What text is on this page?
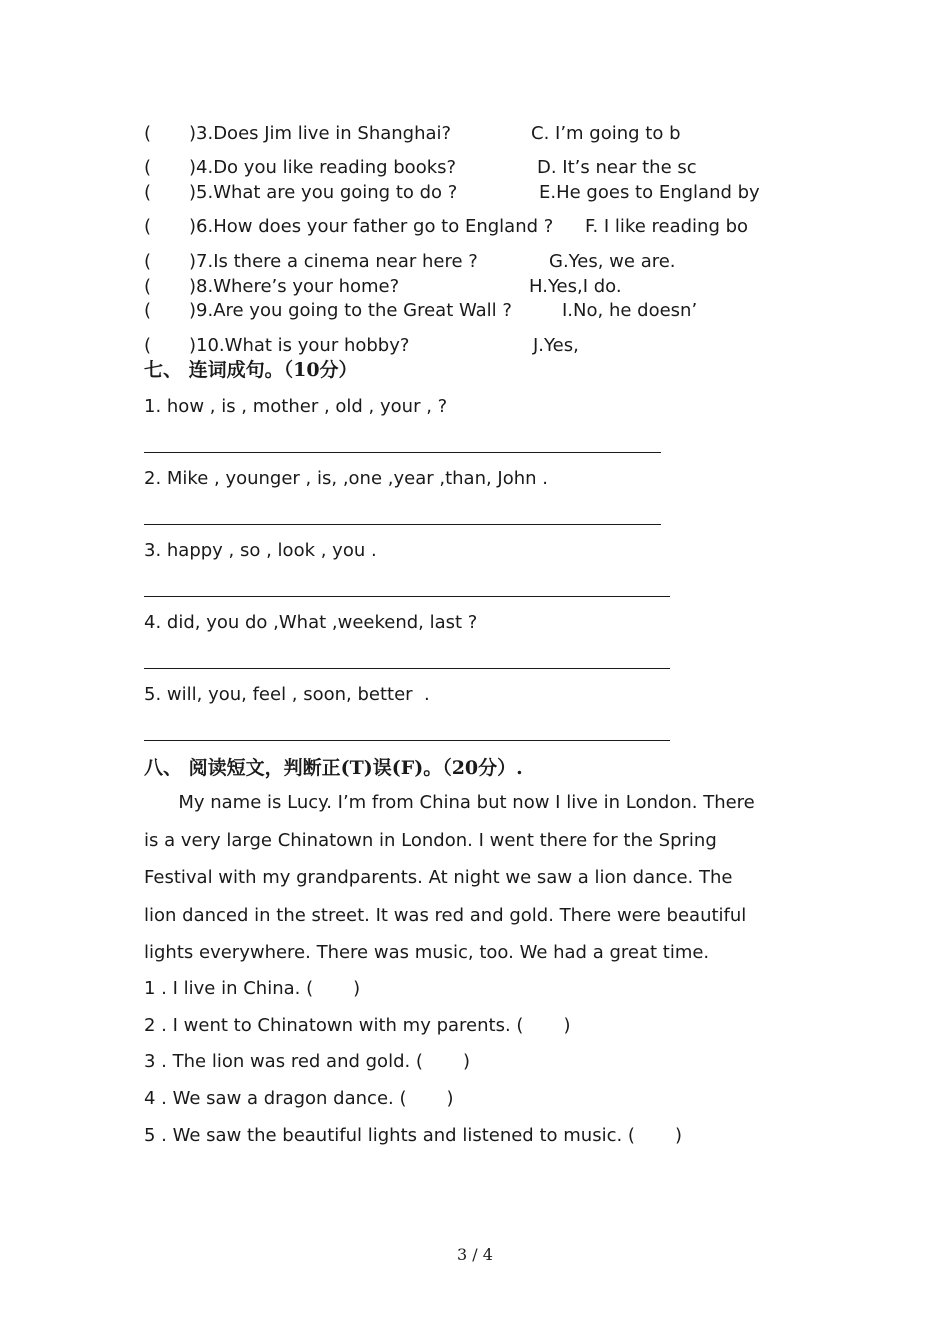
( )3.Does Jim live in Shanghai?	C. I’m going to b
( )4.Do you like reading books?	D. It’s near the sc
( )5.What are you going to do ?	E.He goes to England by
( )6.How does your father go to England ? F. I like reading bo
( )7.Is there a cinema near here ?	G.Yes, we are.
( )8.Where’s your home?	H.Yes,I do.
( )9.Are you going to the Great Wall ?	I.No, he doesn’
( )10.What is your hobby?	J.Yes,
七、 连词成句。（10分）
1. how , is , mother , old , your , ?
2. Mike , younger , is, ,one ,year ,than, John .
3. happy , so , look , you .
4. did, you do ,What ,weekend, last ?
5. will, you, feel , soon, better  .
八、 阅读短文，判断正(T)误(F)。（20分）.
My name is Lucy. I’m from China but now I live in London. There
is a very large Chinatown in London. I went there for the Spring
Festival with my grandparents. At night we saw a lion dance. The
lion danced in the street. It was red and gold. There were beautiful
lights everywhere. There was music, too. We had a great time.
1 . I live in China. (       )
2 . I went to Chinatown with my parents. (       )
3 . The lion was red and gold. (       )
4 . We saw a dragon dance. (       )
5 . We saw the beautiful lights and listened to music. (       )
3 / 4
